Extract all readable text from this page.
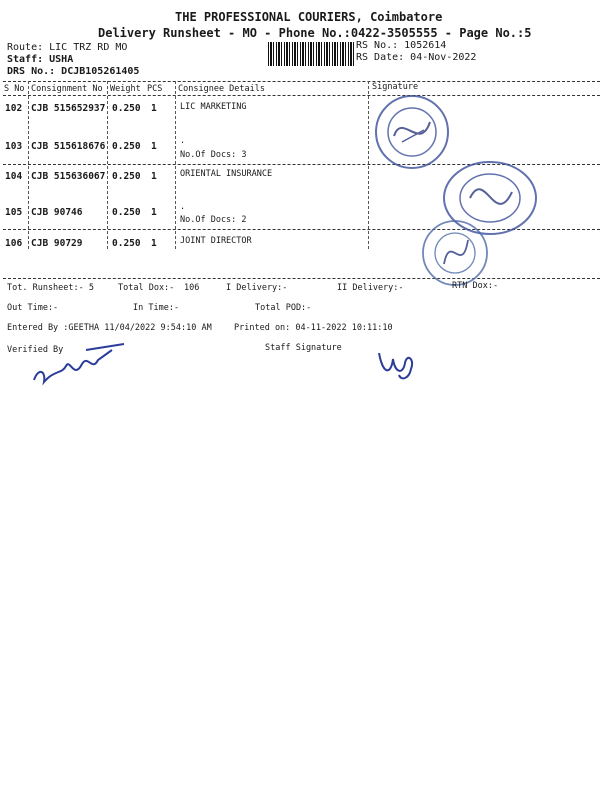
THE PROFESSIONAL COURIERS, Coimbatore
Delivery Runsheet - MO - Phone No.:0422-3505555 - Page No.:5
Route: LIC TRZ RD MO
Staff: USHA
DRS No.: DCJB105261405
RS No.: 1052614
RS Date: 04-Nov-2022
S No Consignment No Weight PCS Consignee Details	Signature
102 CJB 515652937 0.250 1	LIC MARKETING
103 CJB 515618676 0.250 1	.
No.Of Docs: 3
104 CJB 515636067 0.250 1	ORIENTAL INSURANCE
105 CJB 90746	0.250 1	.
No.Of Docs: 2
106 CJB 90729	0.250 1	JOINT DIRECTOR
Tot. Runsheet:- 5	Total Dox:- 106	I Delivery:-	II Delivery:-	RTN Dox:-
Out Time:-	In Time:-	Total POD:-
Entered By :GEETHA 11/04/2022 9:54:10 AM	Printed on: 04-11-2022 10:11:10
Verified By	Staff Signature
